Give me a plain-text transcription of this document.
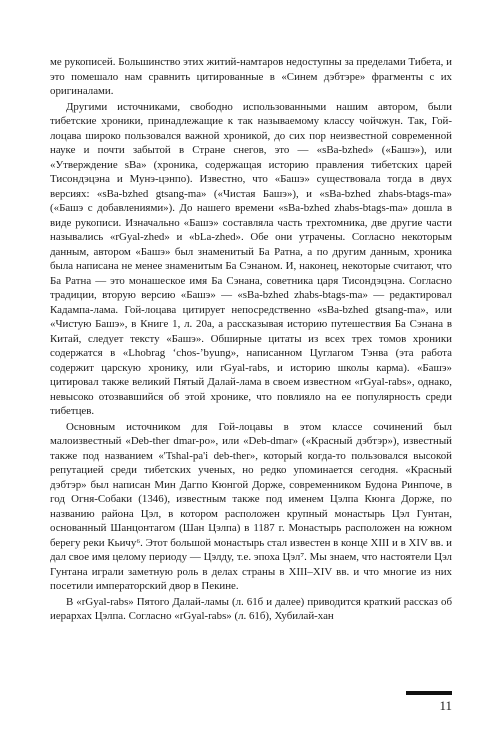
ме рукописей. Большинство этих житий-намтаров недоступны за пределами Тибета, и это помешало нам сравнить цитированные в «Синем дэбтэре» фрагменты с их оригиналами.

Другими источниками, свободно использованными нашим автором, были тибетские хроники, принадлежащие к так называемому классу чойчжун. Так, Гой-лоцава широко пользовался важной хроникой, до сих пор неизвестной современной науке и почти забытой в Стране снегов, это — «sBa-bzhed» («Башэ»), или «Утверждение sBa» (хроника, содержащая историю правления тибетских царей Тисондэцэна и Мунэ-цэнпо). Известно, что «Башэ» существовала тогда в двух версиях: «sBa-bzhed gtsang-ma» («Чистая Башэ»), и «sBa-bzhed zhabs-btags-ma» («Башэ с добавлениями»). До нашего времени «sBa-bzhed zhabs-btags-ma» дошла в виде рукописи. Изначально «Башэ» составляла часть трехтомника, две другие части назывались «rGyal-zhed» и «bLa-zhed». Обе они утрачены. Согласно некоторым данным, автором «Башэ» был знаменитый Ба Ратна, а по другим данным, хроника была написана не менее знаменитым Ба Сэнаном. И, наконец, некоторые считают, что Ба Ратна — это монашеское имя Ба Сэнана, советника царя Тисондэцэна. Согласно традиции, вторую версию «Башэ» — «sBa-bzhed zhabs-btags-ma» — редактировал Кадампа-лама. Гой-лоцава цитирует непосредственно «sBa-bzhed gtsang-ma», или «Чистую Башэ», в Книге 1, л. 20а, а рассказывая историю путешествия Ба Сэнана в Китай, следует тексту «Башэ». Обширные цитаты из всех трех томов хроники содержатся в «Lhobrag ‘chos-’byung», написанном Цуглагом Тэнва (эта работа содержит царскую хронику, или rGyal-rabs, и историю школы карма). «Башэ» цитировал также великий Пятый Далай-лама в своем известном «rGyal-rabs», однако, невысоко отозвавшийся об этой хронике, что повлияло на ее популярность среди тибетцев.

Основным источником для Гой-лоцавы в этом классе сочинений был малоизвестный «Deb-ther dmar-po», или «Deb-dmar» («Красный дэбтэр»), известный также под названием «'Tshal-pa'i deb-ther», который когда-то пользовался высокой репутацией среди тибетских ученых, но редко упоминается сегодня. «Красный дэбтэр» был написан Мин Дагпо Кюнгой Дорже, современником Будона Ринпоче, в год Огня-Собаки (1346), известным также под именем Цэлпа Кюнга Дорже, по названию района Цэл, в котором расположен крупный монастырь Цэл Гунтан, основанный Шанцонтагом (Шан Цэлпа) в 1187 г. Монастырь расположен на южном берегу реки Кьичу⁶. Этот большой монастырь стал известен в конце XIII и в XIV вв. и дал свое имя целому периоду — Цэлду, т.е. эпоха Цэл⁷. Мы знаем, что настоятели Цэл Гунтана играли заметную роль в делах страны в XIII–XIV вв. и что многие из них посетили императорский двор в Пекине.

В «rGyal-rabs» Пятого Далай-ламы (л. 61б и далее) приводится краткий рассказ об иерархах Цэлпа. Согласно «rGyal-rabs» (л. 61б), Хубилай-хан

11
